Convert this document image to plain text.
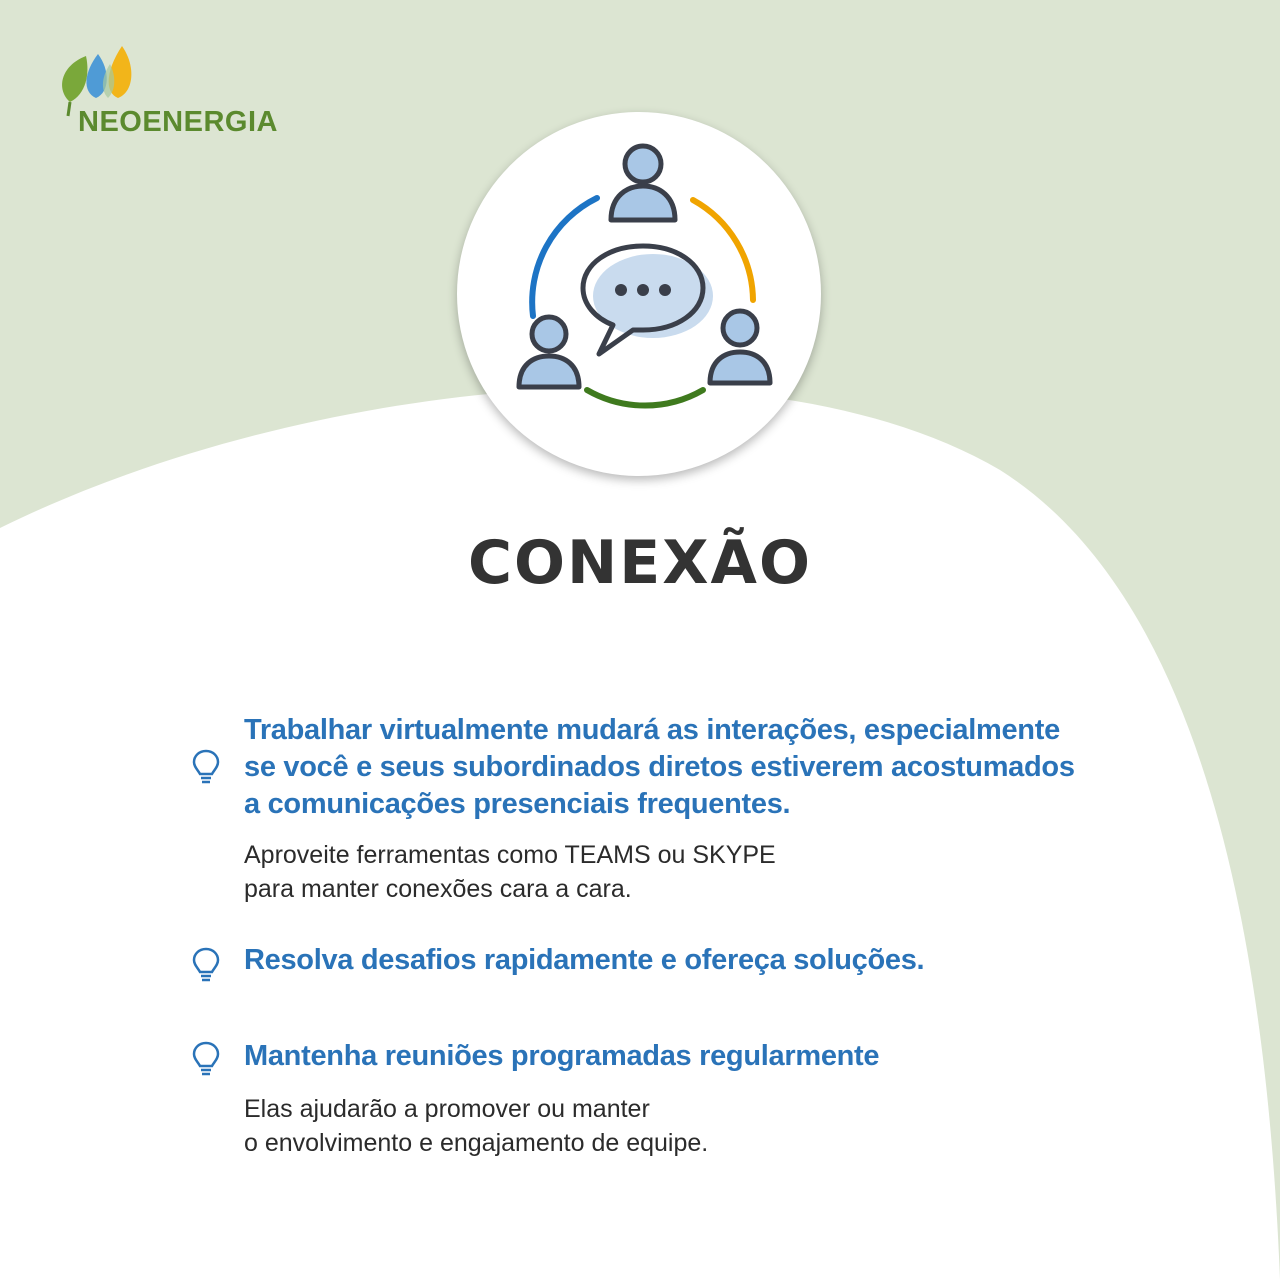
NEOENERGIA
CONEXÃO

Trabalhar virtualmente mudará as interações, especialmente
se você e seus subordinados diretos estiverem acostumados
a comunicações presenciais frequentes.

Aproveite ferramentas como TEAMS ou SKYPE
para manter conexões cara a cara.

Resolva desafios rapidamente e ofereça soluções.

Mantenha reuniões programadas regularmente

Elas ajudarão a promover ou manter
o envolvimento e engajamento de equipe.
